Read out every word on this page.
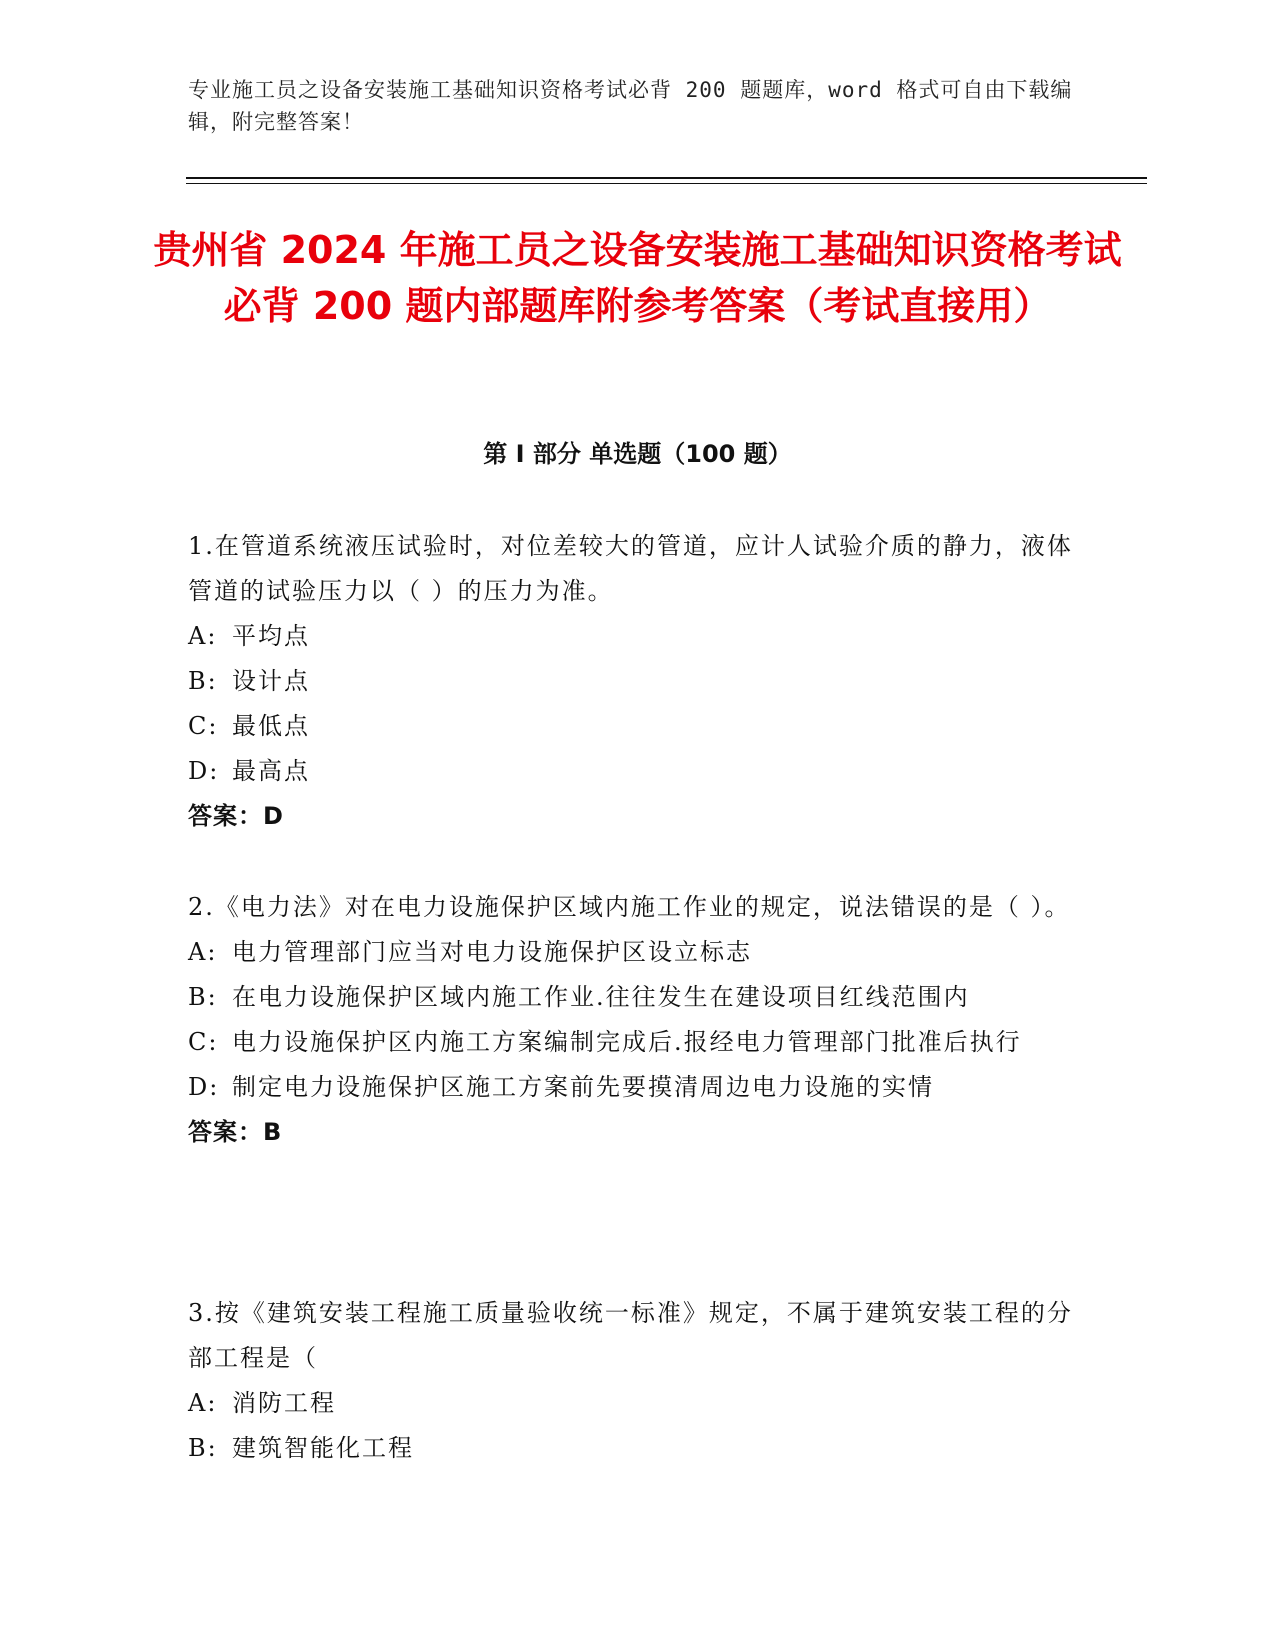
专业施工员之设备安装施工基础知识资格考试必背 200 题题库，word 格式可自由下载编辑，附完整答案！
贵州省 2024 年施工员之设备安装施工基础知识资格考试必背 200 题内部题库附参考答案（考试直接用）
第 I 部分 单选题（100 题）

1.在管道系统液压试验时，对位差较大的管道，应计人试验介质的静力，液体管道的试验压力以（ ）的压力为准。

A: 平均点

B: 设计点

C: 最低点

D: 最高点

答案：D

2.《电力法》对在电力设施保护区域内施工作业的规定，说法错误的是（ ）。

A: 电力管理部门应当对电力设施保护区设立标志

B: 在电力设施保护区域内施工作业.往往发生在建设项目红线范围内

C: 电力设施保护区内施工方案编制完成后.报经电力管理部门批准后执行

D: 制定电力设施保护区施工方案前先要摸清周边电力设施的实情

答案：B

3.按《建筑安装工程施工质量验收统一标准》规定，不属于建筑安装工程的分部工程是（

A: 消防工程

B: 建筑智能化工程
